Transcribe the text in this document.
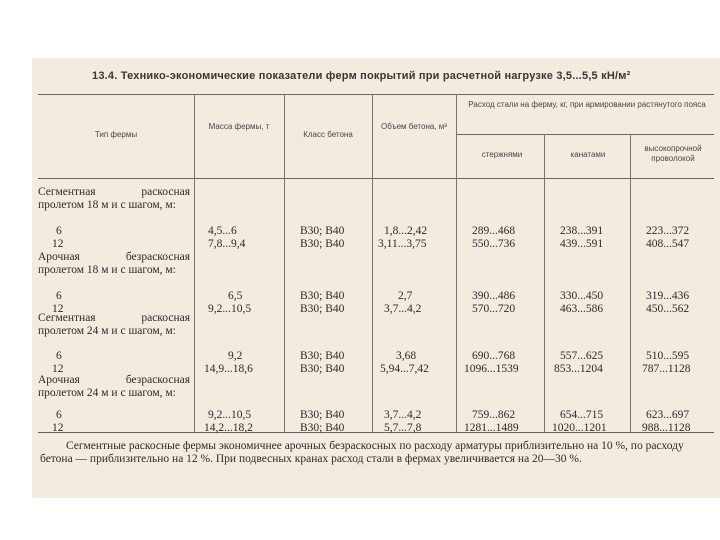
13.4. Технико-экономические показатели ферм покрытий при расчетной нагрузке 3,5...5,5 кН/м²
Тип фермы
Масса фермы, т
Класс бетона
Объем бетона, м³
Расход стали на ферму, кг, при армировании растянутого пояса
стержнями	канатами
высокопрочной проволокой
Сегментная раскосная пролетом 18 м и с шагом, м:
6
12
4,5...6
7,8...9,4
В30; В40
В30; В40
1,8...2,42
3,11...3,75
289...468
550...736
238...391
439...591
223...372
408...547
Арочная безраскосная пролетом 18 м и с шагом, м:
6
12
6,5
9,2...10,5
В30; В40
В30; В40
2,7
3,7...4,2
390...486
570...720
330...450
463...586
319...436
450...562
Сегментная раскосная пролетом 24 м и с шагом, м:
6
12
9,2
14,9...18,6
В30; В40
В30; В40
3,68
5,94...7,42
690...768
1096...1539
557...625
853...1204
510...595
787...1128
Арочная безраскосная пролетом 24 м и с шагом, м:
6
12
9,2...10,5
14,2...18,2
В30; В40
В30; В40
3,7...4,2
5,7...7,8
759...862
1281...1489
654...715
1020...1201
623...697
988...1128
Сегментные раскосные фермы экономичнее арочных безраскосных по расходу арматуры приблизительно на 10 %, по расходу бетона — приблизительно на 12 %. При подвесных кранах расход стали в фермах увеличивается на 20—30 %.
